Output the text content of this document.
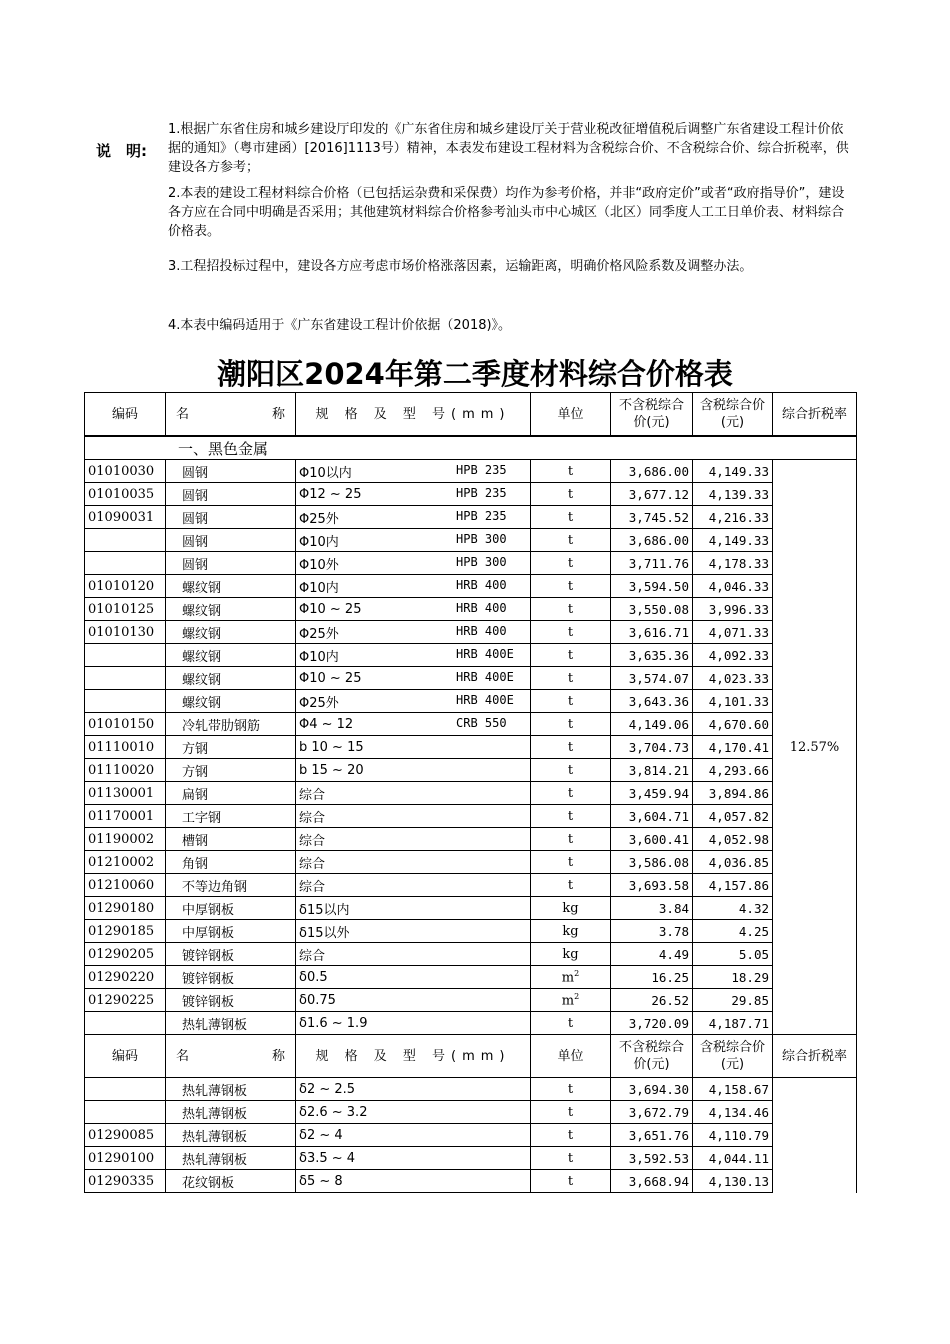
说　明:
1.根据广东省住房和城乡建设厅印发的《广东省住房和城乡建设厅关于营业税改征增值税后调整广东省建设工程计价依据的通知》（粤市建函）[2016]1113号）精神，本表发布建设工程材料为含税综合价、不含税综合价、综合折税率，供建设各方参考；
2.本表的建设工程材料综合价格（已包括运杂费和采保费）均作为参考价格，并非“政府定价”或者“政府指导价”，建设各方应在合同中明确是否采用；其他建筑材料综合价格参考汕头市中心城区（北区）同季度人工工日单价表、材料综合价格表。
3.工程招投标过程中，建设各方应考虑市场价格涨落因素，运输距离，明确价格风险系数及调整办法。
4.本表中编码适用于《广东省建设工程计价依据（2018)》。
潮阳区2024年第二季度材料综合价格表
编码	名　　　称	规 格 及 型 号(mm)	单位	不含税综合价(元)	含税综合价(元)	综合折税率
一、黑色金属						
01010030	圆钢	Φ10以内 HPB 235	t	3,686.00	4,149.33	12.57%
01010035	圆钢	Φ12 ~ 25 HPB 235	t	3,677.12	4,139.33	
01090031	圆钢	Φ25外 HPB 235	t	3,745.52	4,216.33	
	圆钢	Φ10内 HPB 300	t	3,686.00	4,149.33	
	圆钢	Φ10外 HPB 300	t	3,711.76	4,178.33	
01010120	螺纹钢	Φ10内 HRB 400	t	3,594.50	4,046.33	
01010125	螺纹钢	Φ10 ~ 25 HRB 400	t	3,550.08	3,996.33	
01010130	螺纹钢	Φ25外 HRB 400	t	3,616.71	4,071.33	
	螺纹钢	Φ10内 HRB 400E	t	3,635.36	4,092.33	
	螺纹钢	Φ10 ~ 25 HRB 400E	t	3,574.07	4,023.33	
	螺纹钢	Φ25外 HRB 400E	t	3,643.36	4,101.33	
01010150	冷轧带肋钢筋	Φ4 ~ 12 CRB 550	t	4,149.06	4,670.60	
01110010	方钢	b 10 ~ 15	t	3,704.73	4,170.41	
01110020	方钢	b 15 ~ 20	t	3,814.21	4,293.66	
01130001	扁钢	综合	t	3,459.94	3,894.86	
01170001	工字钢	综合	t	3,604.71	4,057.82	
01190002	槽钢	综合	t	3,600.41	4,052.98	
01210002	角钢	综合	t	3,586.08	4,036.85	
01210060	不等边角钢	综合	t	3,693.58	4,157.86	
01290180	中厚钢板	δ15以内	kg	3.84	4.32	
01290185	中厚钢板	δ15以外	kg	3.78	4.25	
01290205	镀锌钢板	综合	kg	4.49	5.05	
01290220	镀锌钢板	δ0.5	$m^2$	16.25	18.29	
01290225	镀锌钢板	δ0.75	$m^2$	26.52	29.85	
	热轧薄钢板	δ1.6 ~ 1.9	t	3,720.09	4,187.71	
编码	名　　　称	规 格 及 型 号(mm)	单位	不含税综合价(元)	含税综合价(元)	综合折税率
	热轧薄钢板	δ2 ~ 2.5	t	3,694.30	4,158.67	
	热轧薄钢板	δ2.6 ~ 3.2	t	3,672.79	4,134.46	
01290085	热轧薄钢板	δ2 ~ 4	t	3,651.76	4,110.79	
01290100	热轧薄钢板	δ3.5 ~ 4	t	3,592.53	4,044.11	
01290335	花纹钢板	δ5 ~ 8	t	3,668.94	4,130.13	
